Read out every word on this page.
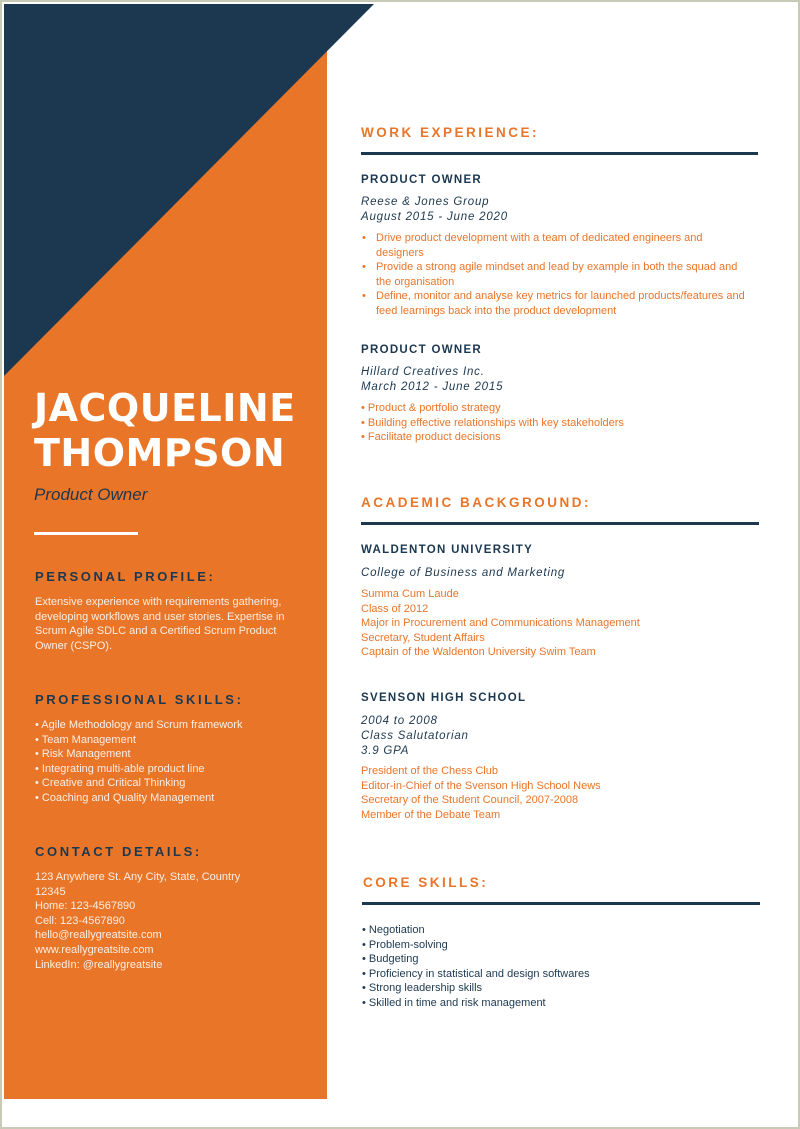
JACQUELINE
THOMPSON
Product Owner
PERSONAL PROFILE:

Extensive experience with requirements gathering, developing workflows and user stories. Expertise in Scrum Agile SDLC and a Certified Scrum Product Owner (CSPO).

PROFESSIONAL SKILLS:
• Agile Methodology and Scrum framework
• Team Management
• Risk Management
• Integrating multi-able product line
• Creative and Critical Thinking
• Coaching and Quality Management
CONTACT DETAILS:
123 Anywhere St. Any City, State, Country 12345
Home: 123-4567890
Cell: 123-4567890
hello@reallygreatsite.com
www.reallygreatsite.com
LinkedIn: @reallygreatsite
WORK EXPERIENCE:
PRODUCT OWNER
Reese & Jones Group
August 2015 - June 2020
• Drive product development with a team of dedicated engineers and designers
• Provide a strong agile mindset and lead by example in both the squad and the organisation
• Define, monitor and analyse key metrics for launched products/features and feed learnings back into the product development
PRODUCT OWNER
Hillard Creatives Inc.
March 2012 - June 2015
• Product & portfolio strategy
• Building effective relationships with key stakeholders
• Facilitate product decisions
ACADEMIC BACKGROUND:
WALDENTON UNIVERSITY
College of Business and Marketing
Summa Cum Laude
Class of 2012
Major in Procurement and Communications Management
Secretary, Student Affairs
Captain of the Waldenton University Swim Team
SVENSON HIGH SCHOOL
2004 to 2008
Class Salutatorian
3.9 GPA
President of the Chess Club
Editor-in-Chief of the Svenson High School News
Secretary of the Student Council, 2007-2008
Member of the Debate Team
CORE SKILLS:
• Negotiation
• Problem-solving
• Budgeting
• Proficiency in statistical and design softwares
• Strong leadership skills
• Skilled in time and risk management
